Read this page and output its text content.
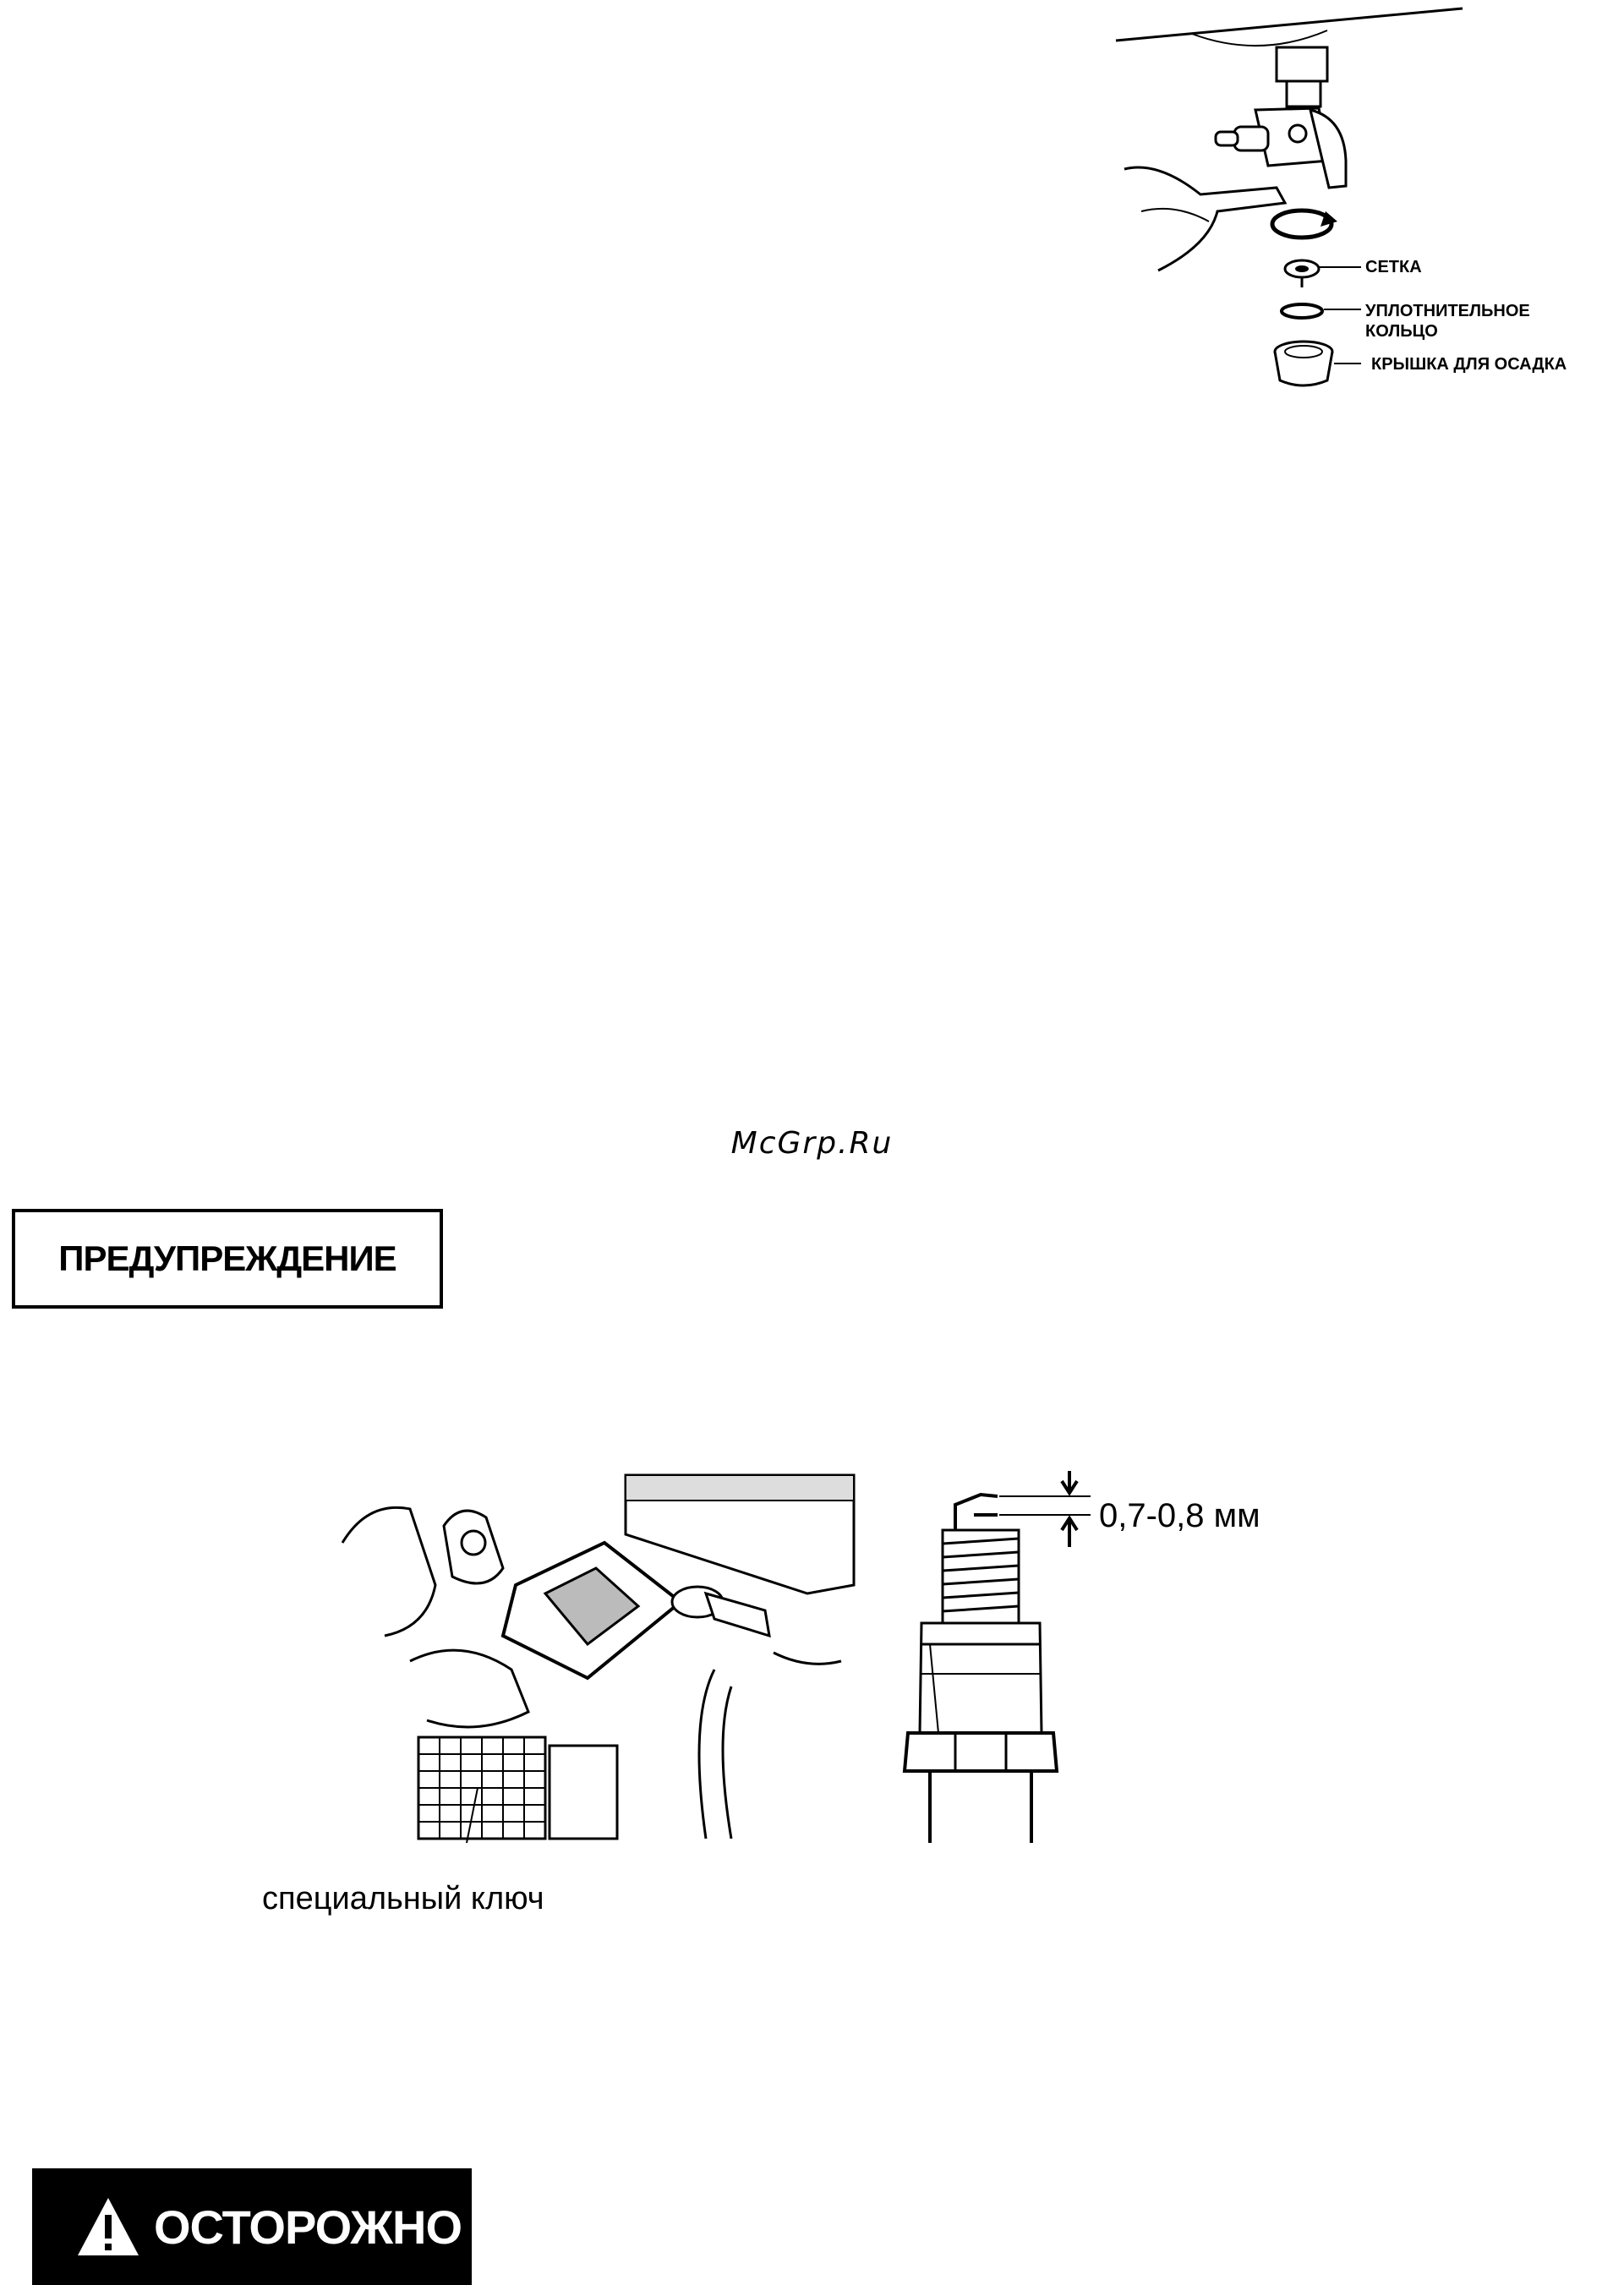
СЕТКА
УПЛОТНИТЕЛЬНОЕ
КОЛЬЦО
КРЫШКА ДЛЯ ОСАДКА
McGrp.Ru
ПРЕДУПРЕЖДЕНИЕ
0,7-0,8 мм
специальный ключ
ОСТОРОЖНО
